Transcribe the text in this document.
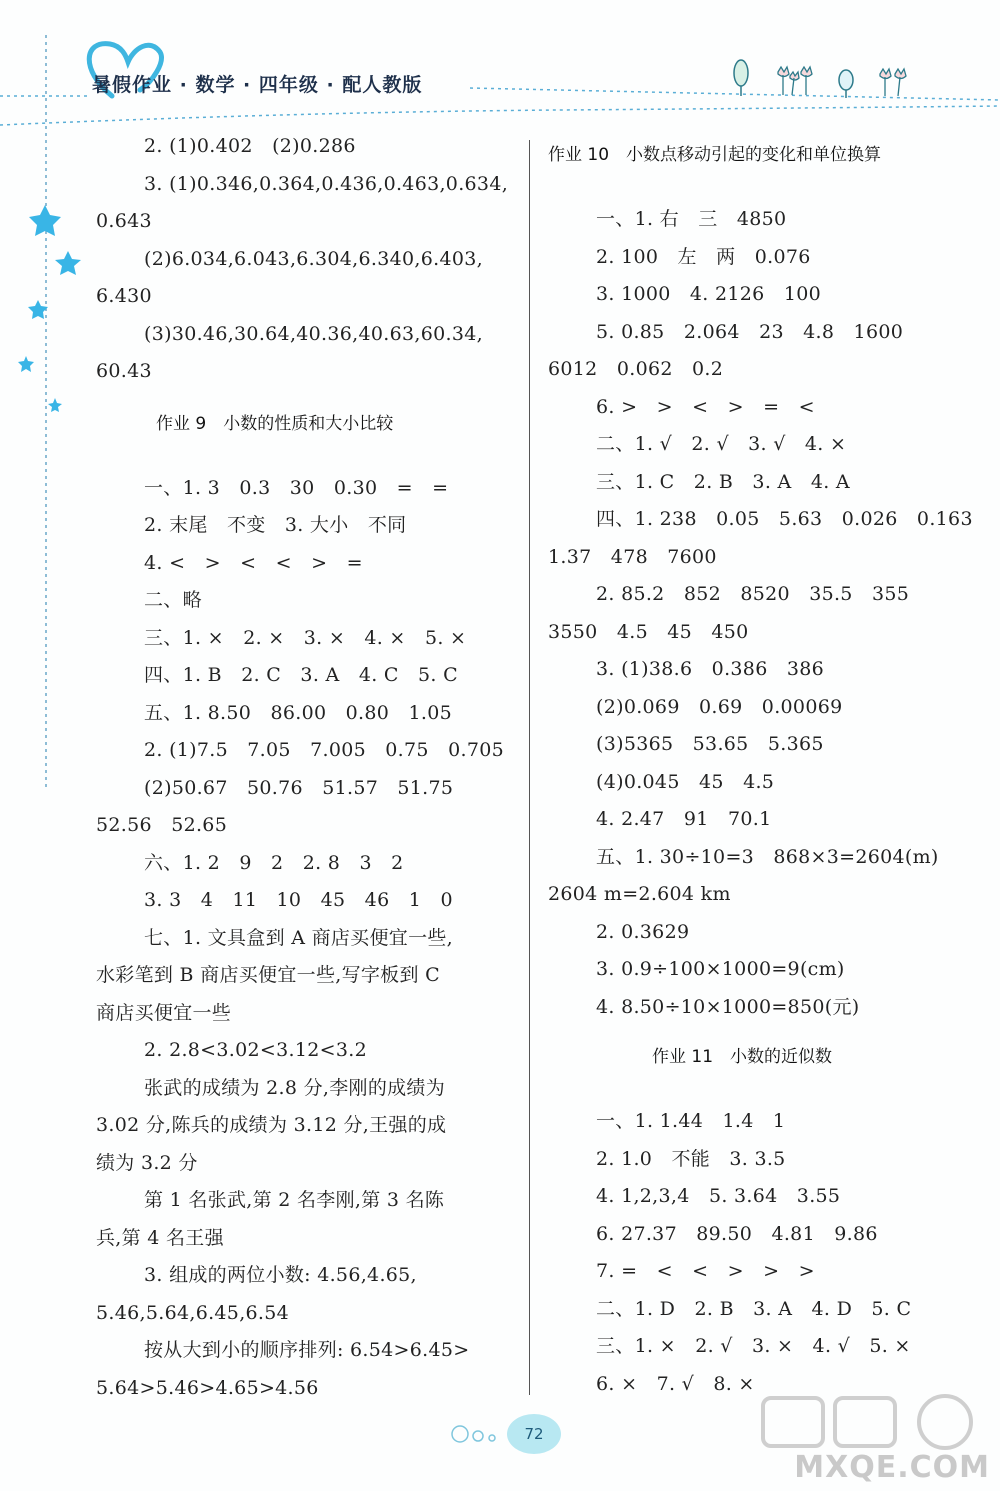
暑假作业 · 数学 · 四年级 · 配人教版
2. (1)0.402　(2)0.286
3. (1)0.346,0.364,0.436,0.463,0.634,
0.643
(2)6.034,6.043,6.304,6.340,6.403,
6.430
(3)30.46,30.64,40.36,40.63,60.34,
60.43
作业 9　小数的性质和大小比较
一、1. 3　0.3　30　0.30　=　=
2. 末尾　不变　3. 大小　不同
4. <　>　<　<　>　=
二、略
三、1. ×　2. ×　3. ×　4. ×　5. ×
四、1. B　2. C　3. A　4. C　5. C
五、1. 8.50　86.00　0.80　1.05
2. (1)7.5　7.05　7.005　0.75　0.705
(2)50.67　50.76　51.57　51.75
52.56　52.65
六、1. 2　9　2　2. 8　3　2
3. 3　4　11　10　45　46　1　0
七、1. 文具盒到 A 商店买便宜一些,
水彩笔到 B 商店买便宜一些,写字板到 C
商店买便宜一些
2. 2.8<3.02<3.12<3.2
张武的成绩为 2.8 分,李刚的成绩为
3.02 分,陈兵的成绩为 3.12 分,王强的成
绩为 3.2 分
第 1 名张武,第 2 名李刚,第 3 名陈
兵,第 4 名王强
3. 组成的两位小数: 4.56,4.65,
5.46,5.64,6.45,6.54
按从大到小的顺序排列: 6.54>6.45>
5.64>5.46>4.65>4.56
作业 10　小数点移动引起的变化和单位换算
一、1. 右　三　4850
2. 100　左　两　0.076
3. 1000　4. 2126　100
5. 0.85　2.064　23　4.8　1600
6012　0.062　0.2
6. >　>　<　>　=　<
二、1. √　2. √　3. √　4. ×
三、1. C　2. B　3. A　4. A
四、1. 238　0.05　5.63　0.026　0.163
1.37　478　7600
2. 85.2　852　8520　35.5　355
3550　4.5　45　450
3. (1)38.6　0.386　386
(2)0.069　0.69　0.00069
(3)5365　53.65　5.365
(4)0.045　45　4.5
4. 2.47　91　70.1
五、1. 30÷10=3　868×3=2604(m)
2604 m=2.604 km
2. 0.3629
3. 0.9÷100×1000=9(cm)
4. 8.50÷10×1000=850(元)
作业 11　小数的近似数
一、1. 1.44　1.4　1
2. 1.0　不能　3. 3.5
4. 1,2,3,4　5. 3.64　3.55
6. 27.37　89.50　4.81　9.86
7. =　<　<　>　>　>
二、1. D　2. B　3. A　4. D　5. C
三、1. ×　2. √　3. ×　4. √　5. ×
6. ×　7. √　8. ×
72
MXQE.COM
